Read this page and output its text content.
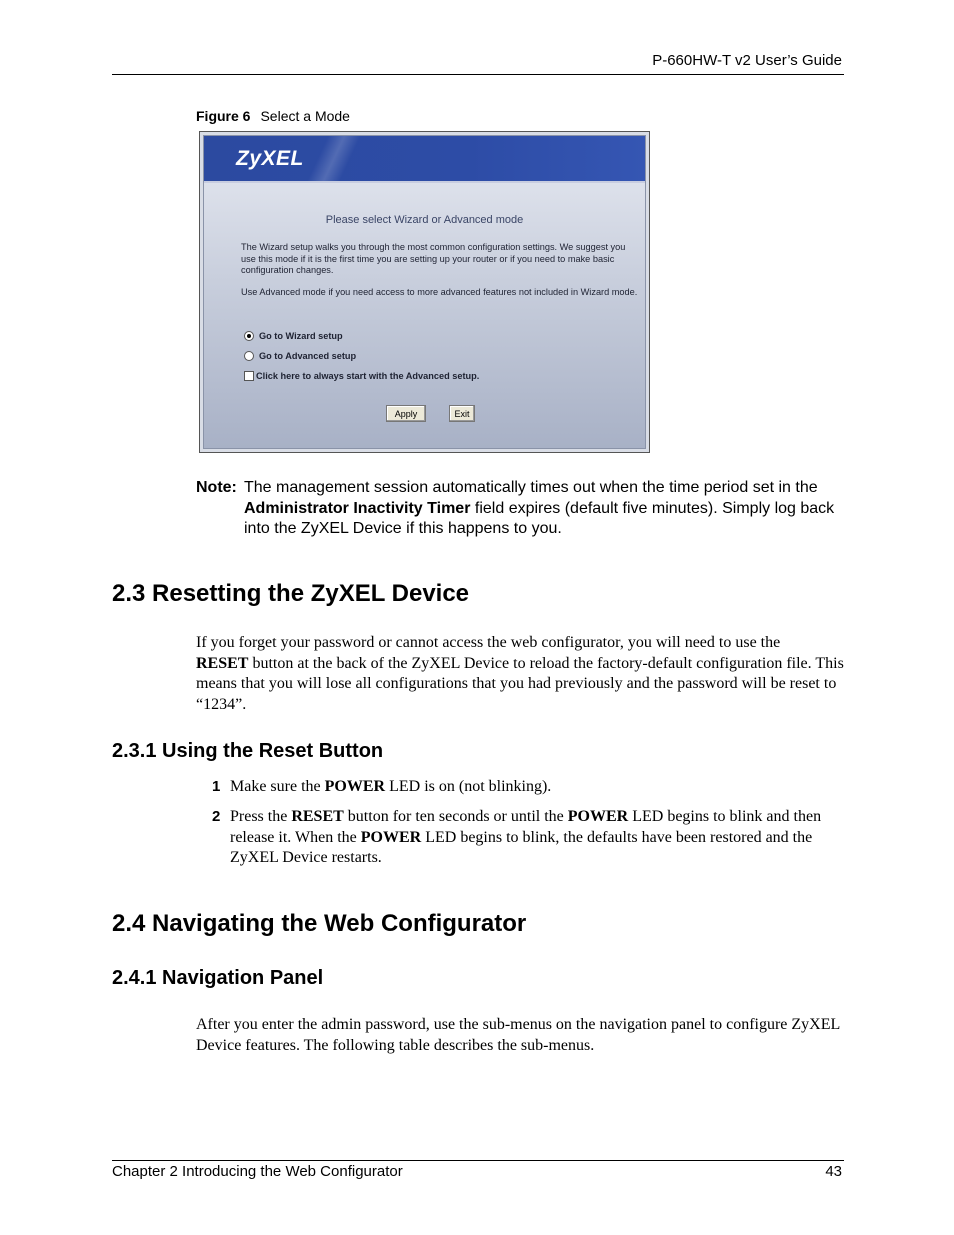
P-660HW-T v2 User’s Guide
Figure 6 Select a Mode
ZyXEL
Please select Wizard or Advanced mode
The Wizard setup walks you through the most common configuration settings. We suggest you use this mode if it is the first time you are setting up your router or if you need to make basic configuration changes.
Use Advanced mode if you need access to more advanced features not included in Wizard mode.
Go to Wizard setup
Go to Advanced setup
Click here to always start with the Advanced setup.
Apply	Exit
Note: The management session automatically times out when the time period set in the Administrator Inactivity Timer field expires (default five minutes). Simply log back into the ZyXEL Device if this happens to you.
2.3 Resetting the ZyXEL Device
If you forget your password or cannot access the web configurator, you will need to use the
RESET button at the back of the ZyXEL Device to reload the factory-default configuration file. This means that you will lose all configurations that you had previously and the password will be reset to “1234”.
2.3.1 Using the Reset Button
1 Make sure the POWER LED is on (not blinking).
2 Press the RESET button for ten seconds or until the POWER LED begins to blink and then release it. When the POWER LED begins to blink, the defaults have been restored and the ZyXEL Device restarts.
2.4 Navigating the Web Configurator
2.4.1 Navigation Panel
After you enter the admin password, use the sub-menus on the navigation panel to configure ZyXEL Device features. The following table describes the sub-menus.
Chapter 2 Introducing the Web Configurator	43
